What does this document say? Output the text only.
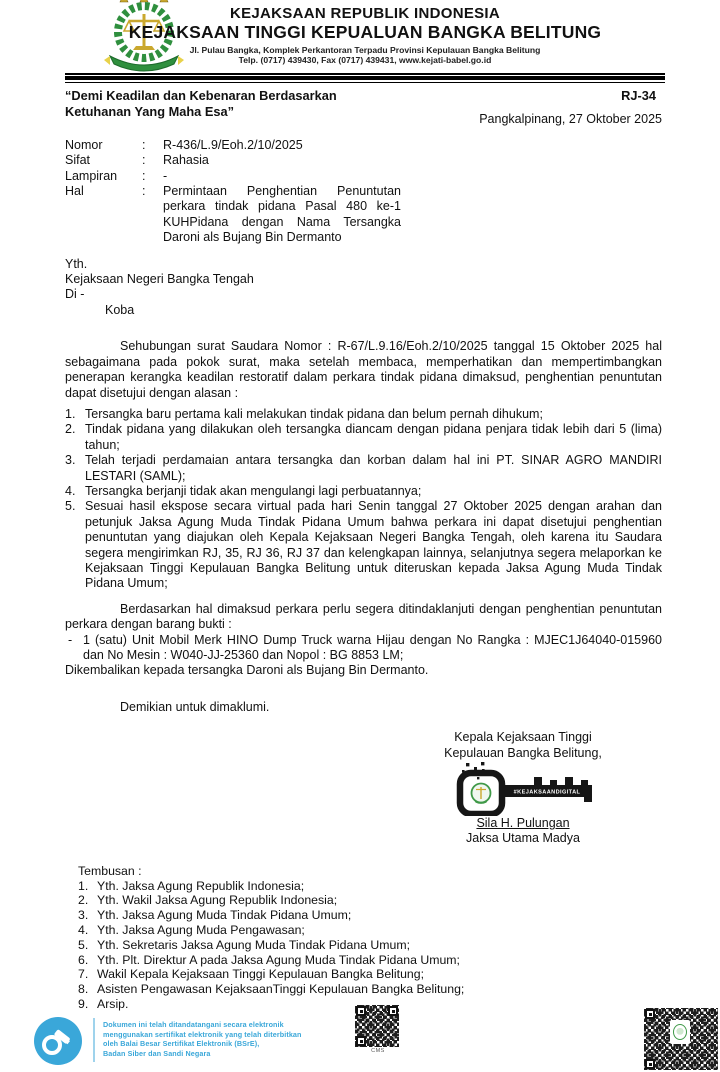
KEJAKSAAN REPUBLIK INDONESIA
KEJAKSAAN TINGGI KEPUALUAN BANGKA BELITUNG
Jl. Pulau Bangka, Komplek Perkantoran Terpadu Provinsi Kepulauan Bangka Belitung
Telp. (0717) 439430, Fax (0717) 439431, www.kejati-babel.go.id
“Demi Keadilan dan Kebenaran Berdasarkan
Ketuhanan Yang Maha Esa”
RJ-34
Pangkalpinang, 27 Oktober 2025
Nomor	:	R-436/L.9/Eoh.2/10/2025
Sifat	:	Rahasia
Lampiran	:	-
Hal	:	Permintaan Penghentian Penuntutan perkara tindak pidana Pasal 480 ke-1 KUHPidana dengan Nama Tersangka Daroni als Bujang Bin Dermanto
Yth.
Kejaksaan Negeri Bangka Tengah
Di -
Koba
Sehubungan surat Saudara Nomor : R-67/L.9.16/Eoh.2/10/2025 tanggal 15 Oktober 2025 hal sebagaimana pada pokok surat, maka setelah membaca, memperhatikan dan mempertimbangkan penerapan kerangka keadilan restoratif dalam perkara tindak pidana dimaksud, penghentian penuntutan dapat disetujui dengan alasan :
1. Tersangka baru pertama kali melakukan tindak pidana dan belum pernah dihukum;
2. Tindak pidana yang dilakukan oleh tersangka diancam dengan pidana penjara tidak lebih dari 5 (lima) tahun;
3. Telah terjadi perdamaian antara tersangka dan korban dalam hal ini PT. SINAR AGRO MANDIRI LESTARI (SAML);
4. Tersangka berjanji tidak akan mengulangi lagi perbuatannya;
5. Sesuai hasil ekspose secara virtual pada hari Senin tanggal 27 Oktober 2025 dengan arahan dan petunjuk Jaksa Agung Muda Tindak Pidana Umum bahwa perkara ini dapat disetujui penghentian penuntutan yang diajukan oleh Kepala Kejaksaan Negeri Bangka Tengah, oleh karena itu Saudara segera mengirimkan RJ, 35, RJ 36, RJ 37 dan kelengkapan lainnya, selanjutnya segera melaporkan ke Kejaksaan Tinggi Kepulauan Bangka Belitung untuk diteruskan kepada Jaksa Agung Muda Tindak Pidana Umum;
Berdasarkan hal dimaksud perkara perlu segera ditindaklanjuti dengan penghentian penuntutan perkara dengan barang bukti :
- 1 (satu) Unit Mobil Merk HINO Dump Truck warna Hijau dengan No Rangka : MJEC1J64040-015960 dan No Mesin : W040-JJ-25360 dan Nopol : BG 8853 LM;
Dikembalikan kepada tersangka Daroni als Bujang Bin Dermanto.
Demikian untuk dimaklumi.
Kepala Kejaksaan Tinggi
Kepulauan Bangka Belitung,
#KEJAKSAANDIGITAL
Sila H. Pulungan
Jaksa Utama Madya
Tembusan :
1. Yth. Jaksa Agung Republik Indonesia;
2. Yth. Wakil Jaksa Agung Republik Indonesia;
3. Yth. Jaksa Agung Muda Tindak Pidana Umum;
4. Yth. Jaksa Agung Muda Pengawasan;
5. Yth. Sekretaris Jaksa Agung Muda Tindak Pidana Umum;
6. Yth. Plt. Direktur A pada Jaksa Agung Muda Tindak Pidana Umum;
7. Wakil Kepala Kejaksaan Tinggi Kepulauan Bangka Belitung;
8. Asisten Pengawasan KejaksaanTinggi Kepulauan Bangka Belitung;
9. Arsip.
Dokumen ini telah ditandatangani secara elektronik
menggunakan sertifikat elektronik yang telah diterbitkan
oleh Balai Besar Sertifikat Elektronik (BSrE),
Badan Siber dan Sandi Negara	CMS
